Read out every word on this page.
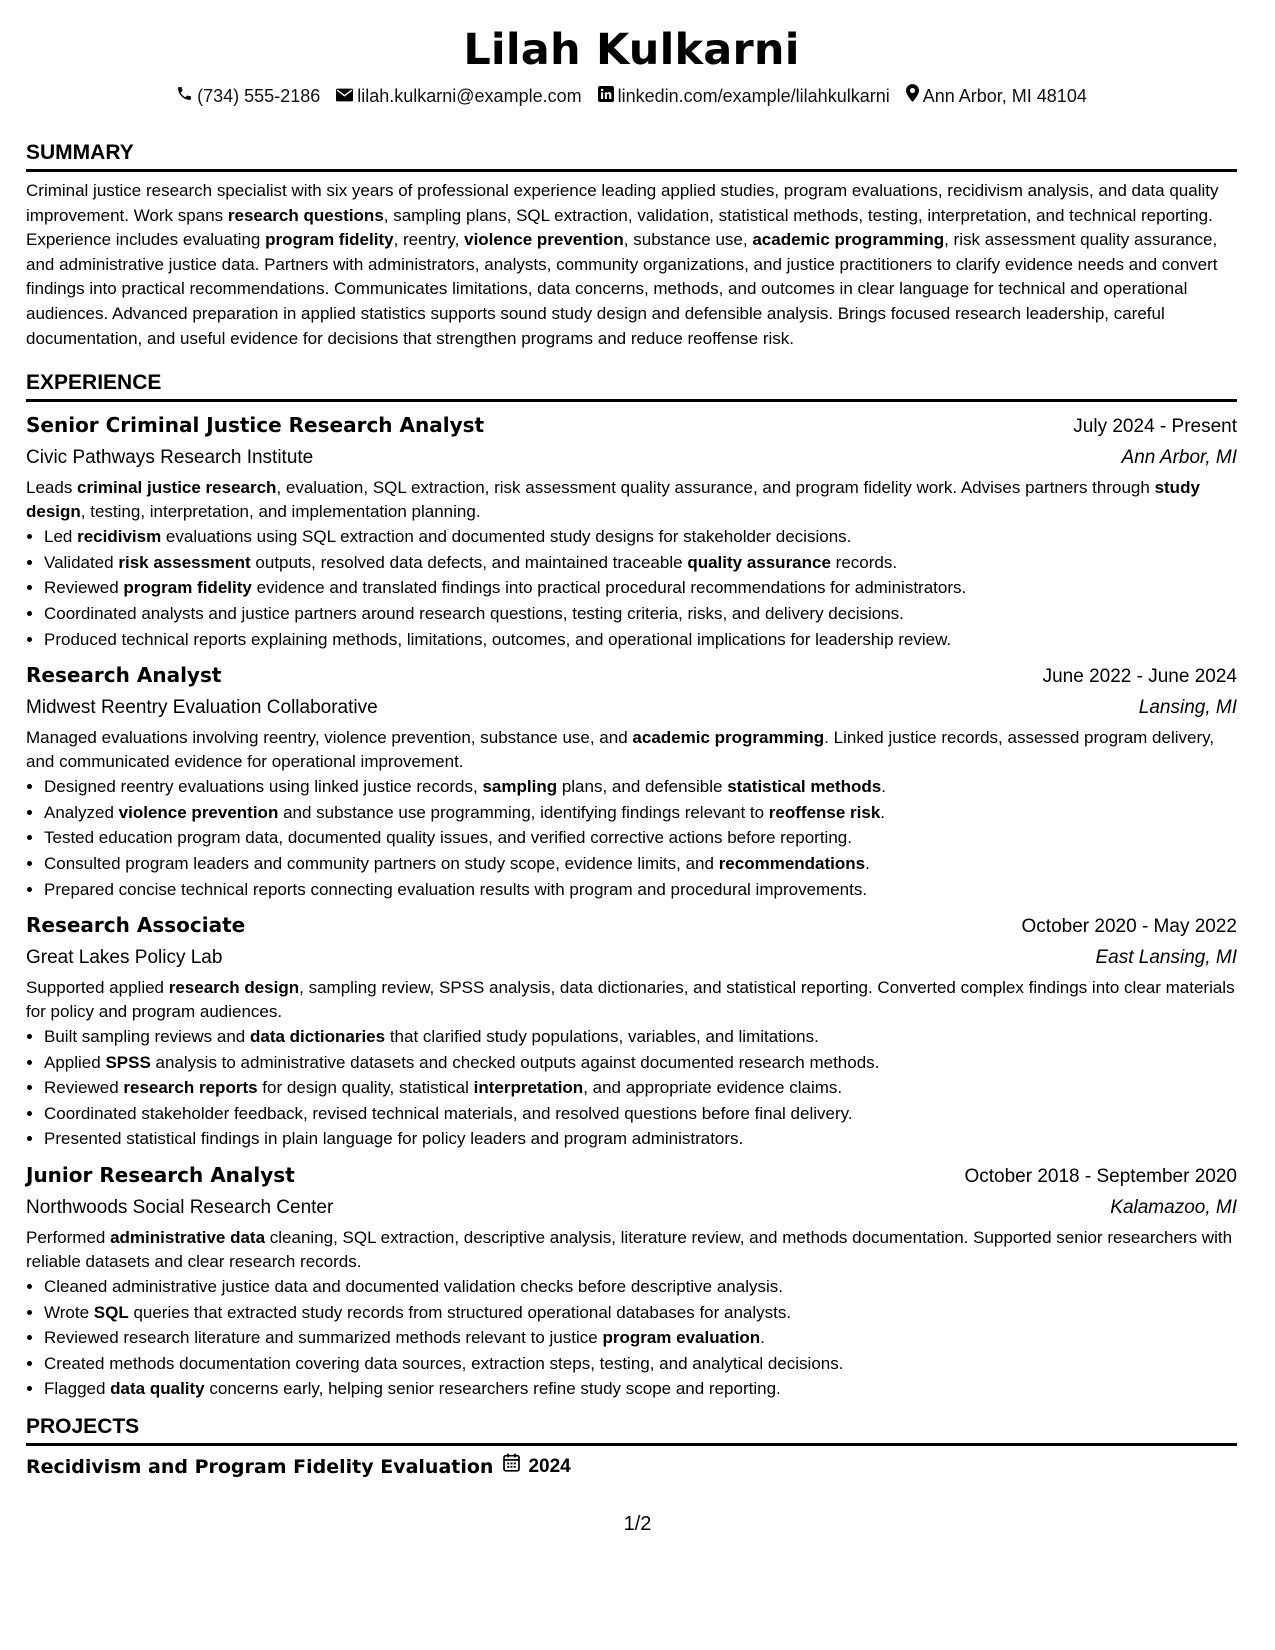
Lilah Kulkarni
(734) 555-2186 lilah.kulkarni@example.com linkedin.com/example/lilahkulkarni Ann Arbor, MI 48104
SUMMARY
Criminal justice research specialist with six years of professional experience leading applied studies, program evaluations, recidivism analysis, and data quality improvement. Work spans research questions, sampling plans, SQL extraction, validation, statistical methods, testing, interpretation, and technical reporting. Experience includes evaluating program fidelity, reentry, violence prevention, substance use, academic programming, risk assessment quality assurance, and administrative justice data. Partners with administrators, analysts, community organizations, and justice practitioners to clarify evidence needs and convert findings into practical recommendations. Communicates limitations, data concerns, methods, and outcomes in clear language for technical and operational audiences. Advanced preparation in applied statistics supports sound study design and defensible analysis. Brings focused research leadership, careful documentation, and useful evidence for decisions that strengthen programs and reduce reoffense risk.
EXPERIENCE
Senior Criminal Justice Research Analyst	July 2024 - Present
Civic Pathways Research Institute	Ann Arbor, MI
Leads criminal justice research, evaluation, SQL extraction, risk assessment quality assurance, and program fidelity work. Advises partners through study design, testing, interpretation, and implementation planning.
• Led recidivism evaluations using SQL extraction and documented study designs for stakeholder decisions.
• Validated risk assessment outputs, resolved data defects, and maintained traceable quality assurance records.
• Reviewed program fidelity evidence and translated findings into practical procedural recommendations for administrators.
• Coordinated analysts and justice partners around research questions, testing criteria, risks, and delivery decisions.
• Produced technical reports explaining methods, limitations, outcomes, and operational implications for leadership review.
Research Analyst	June 2022 - June 2024
Midwest Reentry Evaluation Collaborative	Lansing, MI
Managed evaluations involving reentry, violence prevention, substance use, and academic programming. Linked justice records, assessed program delivery, and communicated evidence for operational improvement.
• Designed reentry evaluations using linked justice records, sampling plans, and defensible statistical methods.
• Analyzed violence prevention and substance use programming, identifying findings relevant to reoffense risk.
• Tested education program data, documented quality issues, and verified corrective actions before reporting.
• Consulted program leaders and community partners on study scope, evidence limits, and recommendations.
• Prepared concise technical reports connecting evaluation results with program and procedural improvements.
Research Associate	October 2020 - May 2022
Great Lakes Policy Lab	East Lansing, MI
Supported applied research design, sampling review, SPSS analysis, data dictionaries, and statistical reporting. Converted complex findings into clear materials for policy and program audiences.
• Built sampling reviews and data dictionaries that clarified study populations, variables, and limitations.
• Applied SPSS analysis to administrative datasets and checked outputs against documented research methods.
• Reviewed research reports for design quality, statistical interpretation, and appropriate evidence claims.
• Coordinated stakeholder feedback, revised technical materials, and resolved questions before final delivery.
• Presented statistical findings in plain language for policy leaders and program administrators.
Junior Research Analyst	October 2018 - September 2020
Northwoods Social Research Center	Kalamazoo, MI
Performed administrative data cleaning, SQL extraction, descriptive analysis, literature review, and methods documentation. Supported senior researchers with reliable datasets and clear research records.
• Cleaned administrative justice data and documented validation checks before descriptive analysis.
• Wrote SQL queries that extracted study records from structured operational databases for analysts.
• Reviewed research literature and summarized methods relevant to justice program evaluation.
• Created methods documentation covering data sources, extraction steps, testing, and analytical decisions.
• Flagged data quality concerns early, helping senior researchers refine study scope and reporting.
PROJECTS
Recidivism and Program Fidelity Evaluation 2024
1/2
